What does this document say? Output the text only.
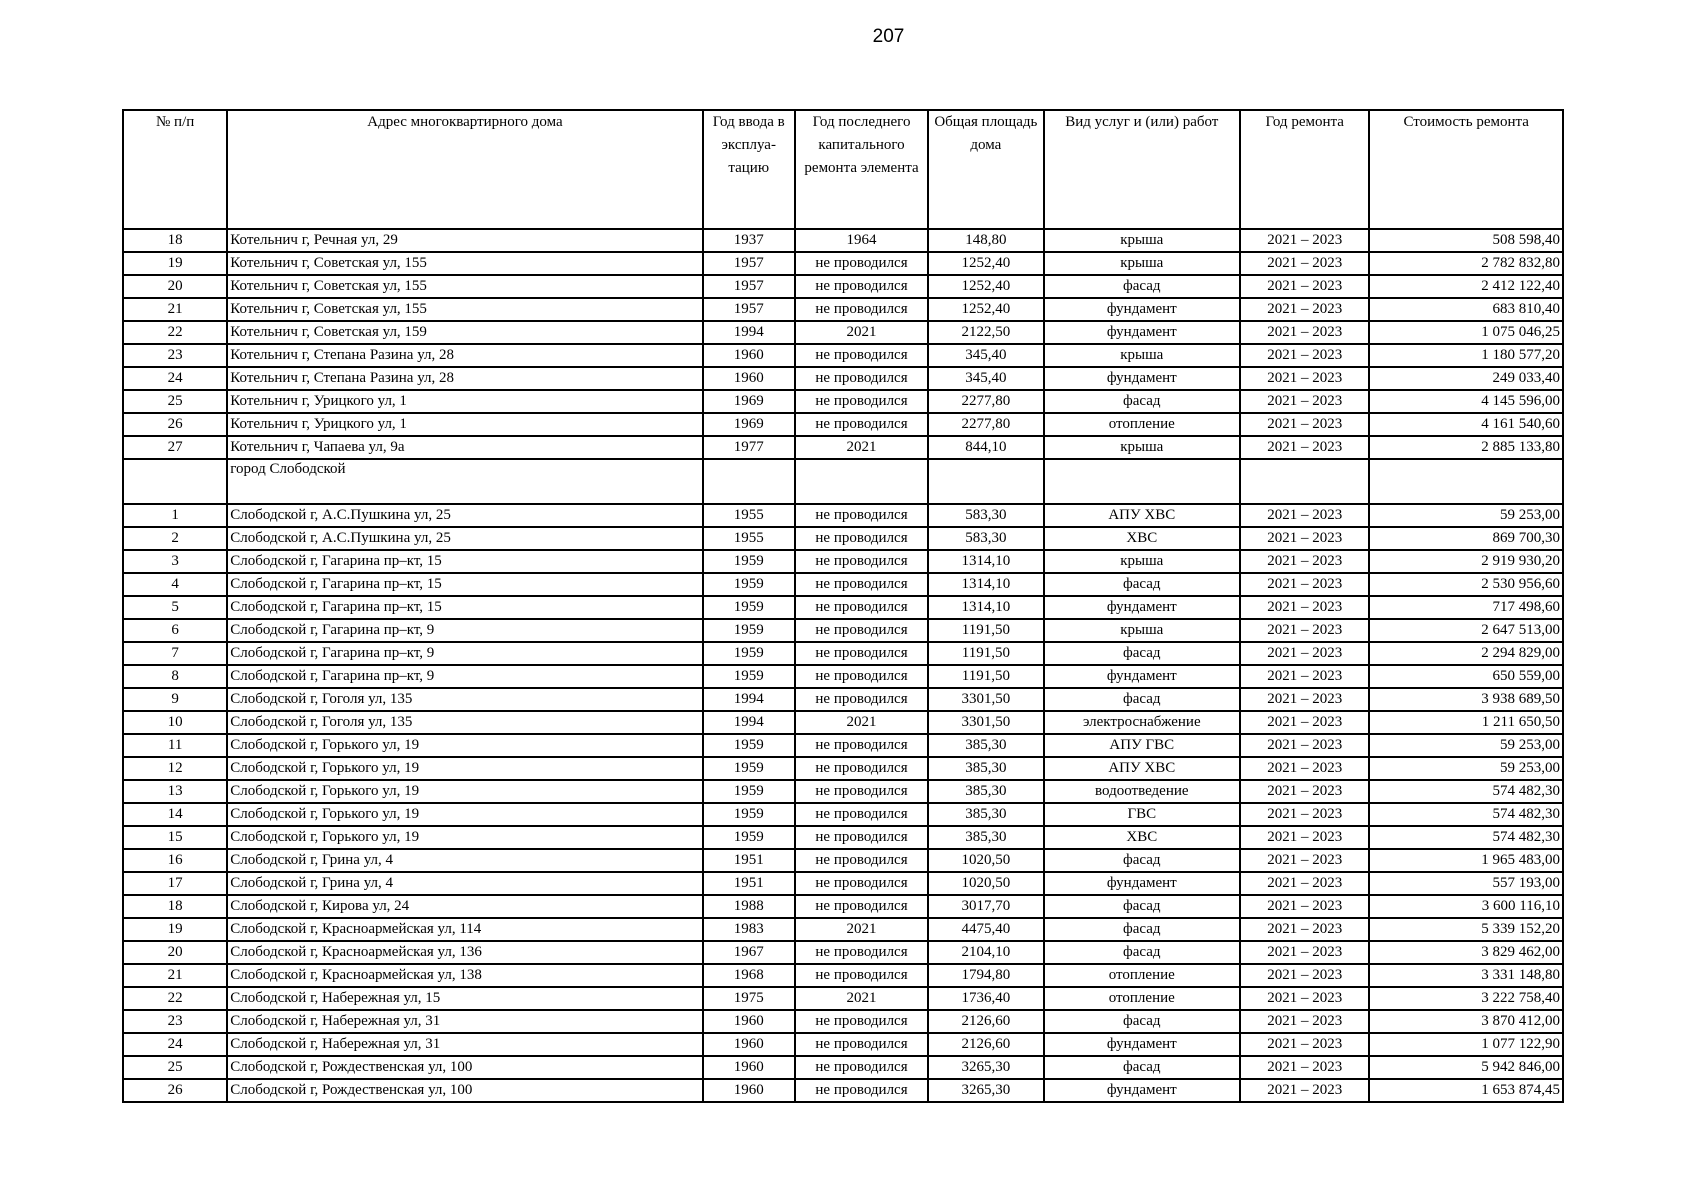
207
№ п/п	Адрес многоквартирного дома	Год ввода в эксплуа- тацию	Год последнего капитального ремонта элемента	Общая площадь дома	Вид услуг и (или) работ	Год ремонта	Стоимость ремонта
18	Котельнич г, Речная ул, 29	1937	1964	148,80	крыша	2021 – 2023	508 598,40
19	Котельнич г, Советская ул, 155	1957	не проводился	1252,40	крыша	2021 – 2023	2 782 832,80
20	Котельнич г, Советская ул, 155	1957	не проводился	1252,40	фасад	2021 – 2023	2 412 122,40
21	Котельнич г, Советская ул, 155	1957	не проводился	1252,40	фундамент	2021 – 2023	683 810,40
22	Котельнич г, Советская ул, 159	1994	2021	2122,50	фундамент	2021 – 2023	1 075 046,25
23	Котельнич г, Степана Разина ул, 28	1960	не проводился	345,40	крыша	2021 – 2023	1 180 577,20
24	Котельнич г, Степана Разина ул, 28	1960	не проводился	345,40	фундамент	2021 – 2023	249 033,40
25	Котельнич г, Урицкого ул, 1	1969	не проводился	2277,80	фасад	2021 – 2023	4 145 596,00
26	Котельнич г, Урицкого ул, 1	1969	не проводился	2277,80	отопление	2021 – 2023	4 161 540,60
27	Котельнич г, Чапаева ул, 9а	1977	2021	844,10	крыша	2021 – 2023	2 885 133,80
	город Слободской						
1	Слободской г, А.С.Пушкина ул, 25	1955	не проводился	583,30	АПУ ХВС	2021 – 2023	59 253,00
2	Слободской г, А.С.Пушкина ул, 25	1955	не проводился	583,30	ХВС	2021 – 2023	869 700,30
3	Слободской г, Гагарина пр–кт, 15	1959	не проводился	1314,10	крыша	2021 – 2023	2 919 930,20
4	Слободской г, Гагарина пр–кт, 15	1959	не проводился	1314,10	фасад	2021 – 2023	2 530 956,60
5	Слободской г, Гагарина пр–кт, 15	1959	не проводился	1314,10	фундамент	2021 – 2023	717 498,60
6	Слободской г, Гагарина пр–кт, 9	1959	не проводился	1191,50	крыша	2021 – 2023	2 647 513,00
7	Слободской г, Гагарина пр–кт, 9	1959	не проводился	1191,50	фасад	2021 – 2023	2 294 829,00
8	Слободской г, Гагарина пр–кт, 9	1959	не проводился	1191,50	фундамент	2021 – 2023	650 559,00
9	Слободской г, Гоголя ул, 135	1994	не проводился	3301,50	фасад	2021 – 2023	3 938 689,50
10	Слободской г, Гоголя ул, 135	1994	2021	3301,50	электроснабжение	2021 – 2023	1 211 650,50
11	Слободской г, Горького ул, 19	1959	не проводился	385,30	АПУ ГВС	2021 – 2023	59 253,00
12	Слободской г, Горького ул, 19	1959	не проводился	385,30	АПУ ХВС	2021 – 2023	59 253,00
13	Слободской г, Горького ул, 19	1959	не проводился	385,30	водоотведение	2021 – 2023	574 482,30
14	Слободской г, Горького ул, 19	1959	не проводился	385,30	ГВС	2021 – 2023	574 482,30
15	Слободской г, Горького ул, 19	1959	не проводился	385,30	ХВС	2021 – 2023	574 482,30
16	Слободской г, Грина ул, 4	1951	не проводился	1020,50	фасад	2021 – 2023	1 965 483,00
17	Слободской г, Грина ул, 4	1951	не проводился	1020,50	фундамент	2021 – 2023	557 193,00
18	Слободской г, Кирова ул, 24	1988	не проводился	3017,70	фасад	2021 – 2023	3 600 116,10
19	Слободской г, Красноармейская ул, 114	1983	2021	4475,40	фасад	2021 – 2023	5 339 152,20
20	Слободской г, Красноармейская ул, 136	1967	не проводился	2104,10	фасад	2021 – 2023	3 829 462,00
21	Слободской г, Красноармейская ул, 138	1968	не проводился	1794,80	отопление	2021 – 2023	3 331 148,80
22	Слободской г, Набережная ул, 15	1975	2021	1736,40	отопление	2021 – 2023	3 222 758,40
23	Слободской г, Набережная ул, 31	1960	не проводился	2126,60	фасад	2021 – 2023	3 870 412,00
24	Слободской г, Набережная ул, 31	1960	не проводился	2126,60	фундамент	2021 – 2023	1 077 122,90
25	Слободской г, Рождественская ул, 100	1960	не проводился	3265,30	фасад	2021 – 2023	5 942 846,00
26	Слободской г, Рождественская ул, 100	1960	не проводился	3265,30	фундамент	2021 – 2023	1 653 874,45
